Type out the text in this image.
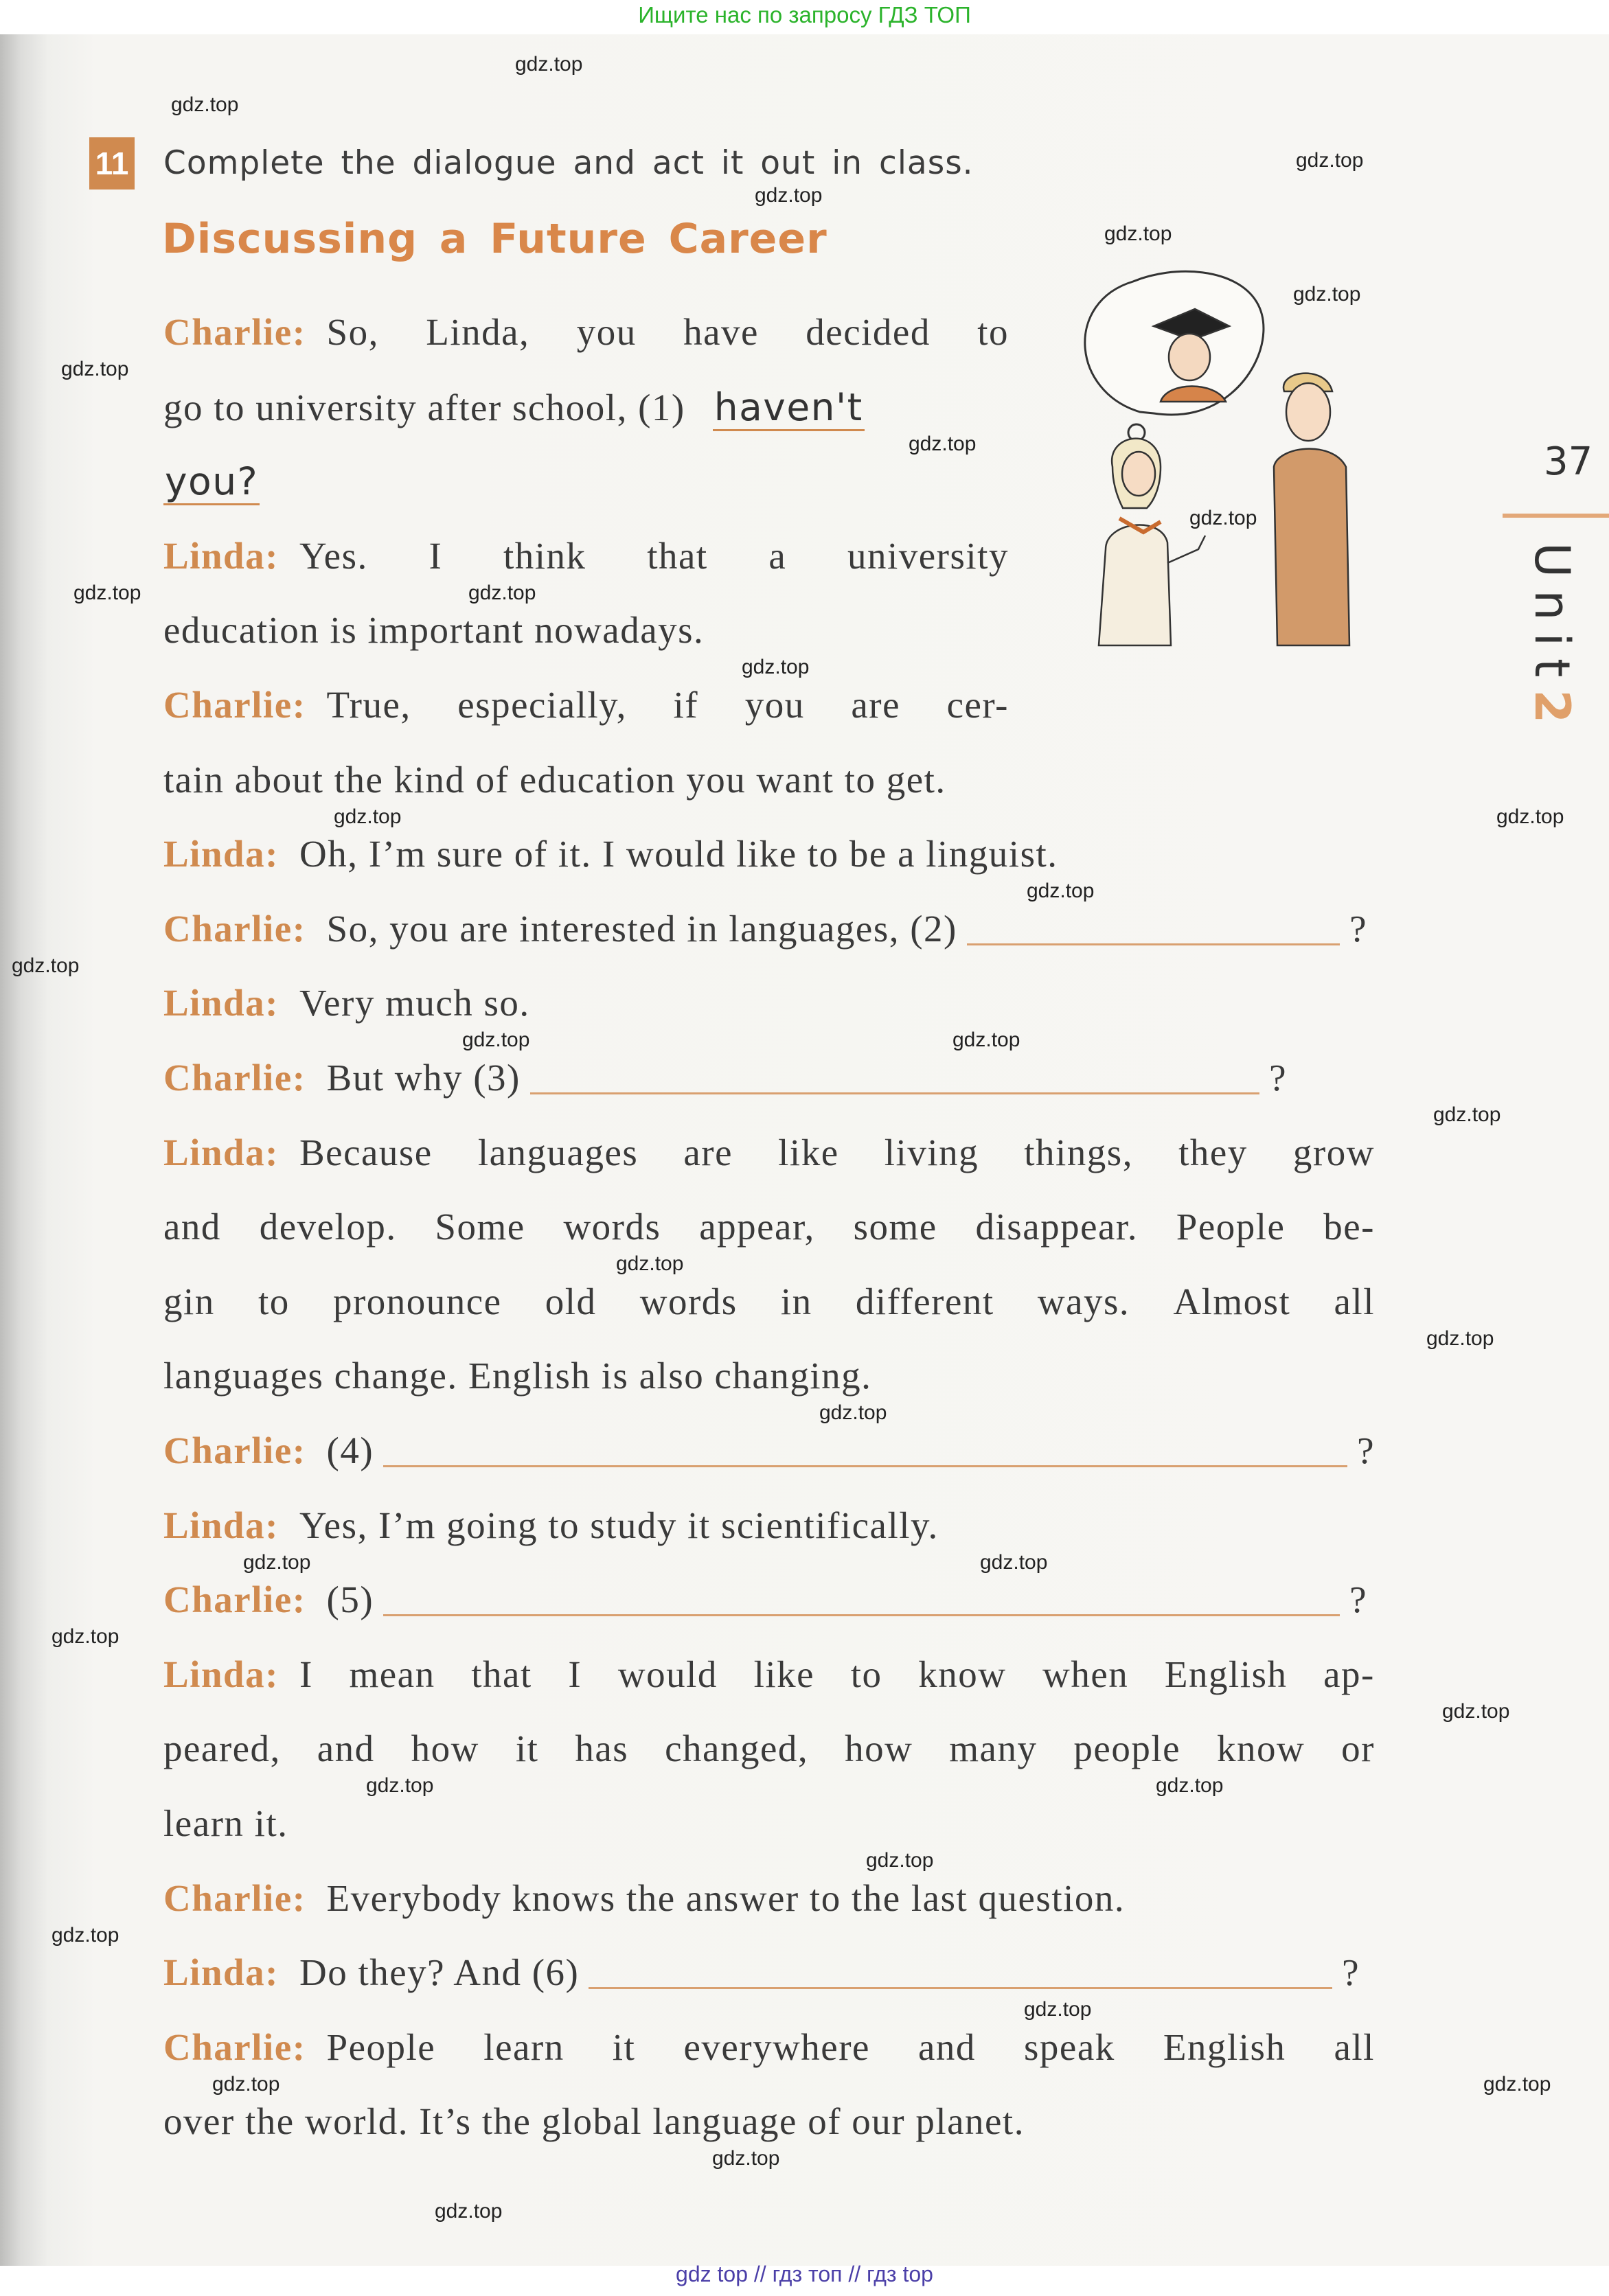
Ищите нас по запросу ГДЗ ТОП
11 Complete the dialogue and act it out in class.
Discussing a Future Career
Charlie: So, Linda, you have decided to
go to university after school, (1) haven't
you?
Linda: Yes. I think that a university
education is important nowadays.
Charlie: True, especially, if you are cer-
tain about the kind of education you want to get.
Linda: Oh, I’m sure of it. I would like to be a linguist.
Charlie: So, you are interested in languages, (2)	?
Linda: Very much so.
Charlie: But why (3)	?
Linda: Because languages are like living things, they grow
and develop. Some words appear, some disappear. People be-
gin to pronounce old words in different ways. Almost all
languages change. English is also changing.
Charlie: (4)	?
Linda: Yes, I’m going to study it scientifically.
Charlie: (5)	?
Linda: I mean that I would like to know when English ap-
peared, and how it has changed, how many people know or
learn it.
Charlie: Everybody knows the answer to the last question.
Linda: Do they? And (6)	?
Charlie: People learn it everywhere and speak English all
over the world. It’s the global language of our planet.
37
Unit2
gdz.top
gdz.top
gdz.top
gdz.top
gdz.top
gdz.top
gdz.top
gdz.top
gdz.top
gdz.top
gdz.top
gdz.top
gdz.top
gdz.top
gdz.top
gdz.top
gdz.top	gdz.top
gdz.top
gdz.top
gdz.top
gdz.top
gdz.top	gdz.top
gdz.top
gdz.top
gdz.top
gdz.top
gdz.top
gdz.top
gdz.top
gdz.top	gdz.top
gdz.top
gdz.top
gdz top // гдз топ // гдз top
